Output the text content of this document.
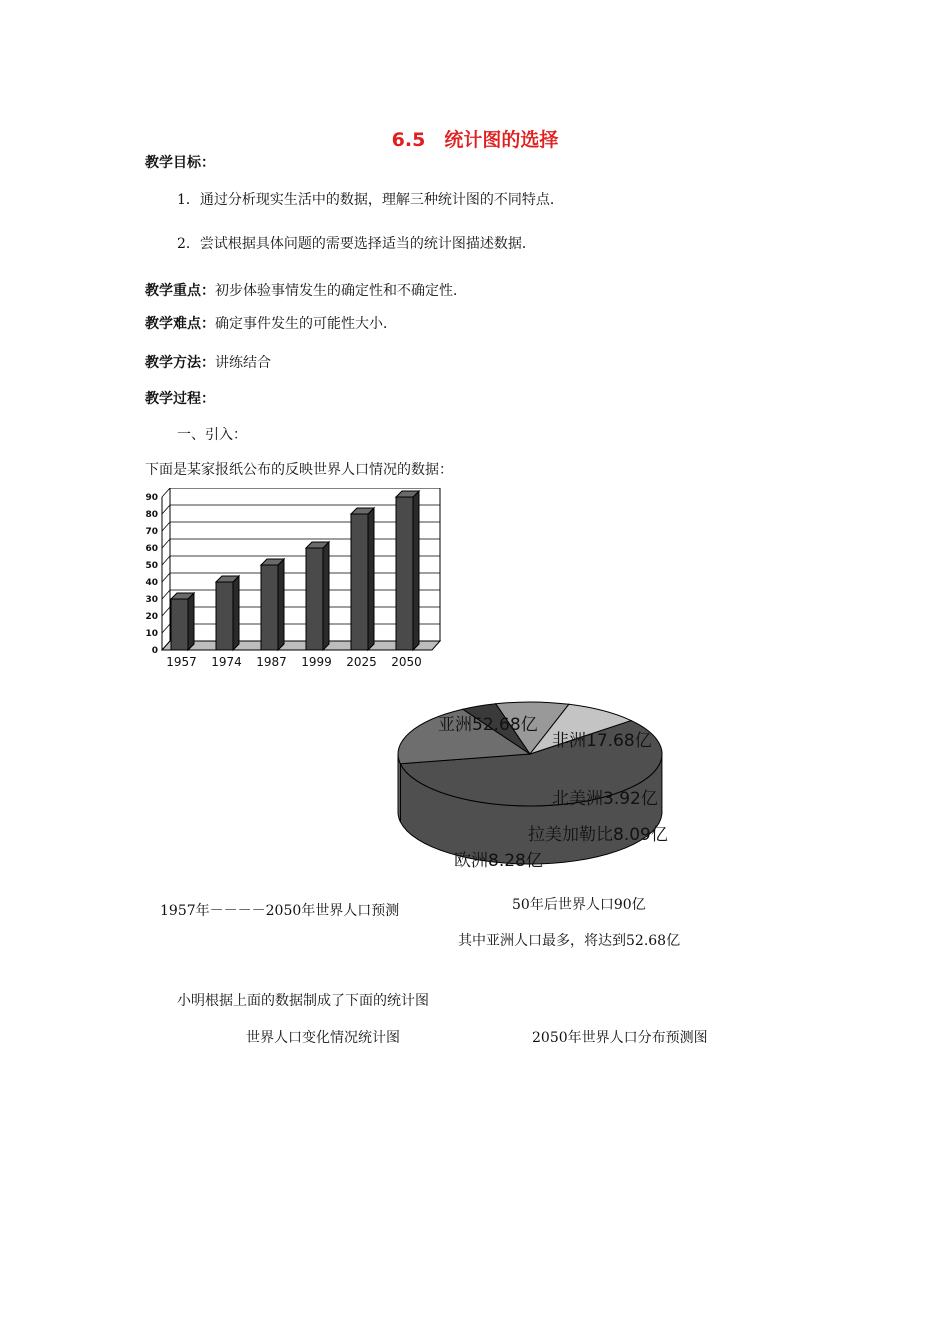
6.5　统计图的选择
教学目标：
1．通过分析现实生活中的数据，理解三种统计图的不同特点．
2．尝试根据具体问题的需要选择适当的统计图描述数据．
教学重点：初步体验事情发生的确定性和不确定性．
教学难点：确定事件发生的可能性大小．
教学方法：讲练结合
教学过程：
一、引入：
下面是某家报纸公布的反映世界人口情况的数据：
0
10
20
30
40
50
60
70
80
90
1957 1974 1987 1999 2025 2050
亚洲52.68亿
非洲17.68亿
北美洲3.92亿
拉美加勒比8.09亿
欧洲8.28亿
1957年－－－－2050年世界人口预测	50年后世界人口90亿
其中亚洲人口最多，将达到52.68亿
小明根据上面的数据制成了下面的统计图
世界人口变化情况统计图	2050年世界人口分布预测图
